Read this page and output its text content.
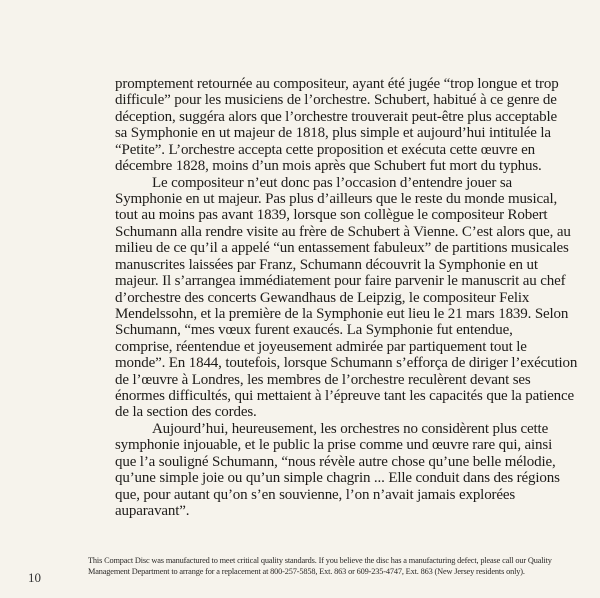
promptement retournée au compositeur, ayant été jugée “trop longue et trop
difficule” pour les musiciens de l’orchestre. Schubert, habitué à ce genre de
déception, suggéra alors que l’orchestre trouverait peut-être plus acceptable
sa Symphonie en ut majeur de 1818, plus simple et aujourd’hui intitulée la
“Petite”. L’orchestre accepta cette proposition et exécuta cette œuvre en
décembre 1828, moins d’un mois après que Schubert fut mort du typhus.
Le compositeur n’eut donc pas l’occasion d’entendre jouer sa
Symphonie en ut majeur. Pas plus d’ailleurs que le reste du monde musical,
tout au moins pas avant 1839, lorsque son collègue le compositeur Robert
Schumann alla rendre visite au frère de Schubert à Vienne. C’est alors que, au
milieu de ce qu’il a appelé “un entassement fabuleux” de partitions musicales
manuscrites laissées par Franz, Schumann découvrit la Symphonie en ut
majeur. Il s’arrangea immédiatement pour faire parvenir le manuscrit au chef
d’orchestre des concerts Gewandhaus de Leipzig, le compositeur Felix
Mendelssohn, et la première de la Symphonie eut lieu le 21 mars 1839. Selon
Schumann, “mes vœux furent exaucés. La Symphonie fut entendue,
comprise, réentendue et joyeusement admirée par partiquement tout le
monde”. En 1844, toutefois, lorsque Schumann s’efforça de diriger l’exécution
de l’œuvre à Londres, les membres de l’orchestre reculèrent devant ses
énormes difficultés, qui mettaient à l’épreuve tant les capacités que la patience
de la section des cordes.
Aujourd’hui, heureusement, les orchestres no considèrent plus cette
symphonie injouable, et le public la prise comme und œuvre rare qui, ainsi
que l’a souligné Schumann, “nous révèle autre chose qu’une belle mélodie,
qu’une simple joie ou qu’un simple chagrin ... Elle conduit dans des régions
que, pour autant qu’on s’en souvienne, l’on n’avait jamais explorées
auparavant”.
10
This Compact Disc was manufactured to meet critical quality standards. If you believe the disc has a manufacturing defect, please call our Quality
Management Department to arrange for a replacement at 800-257-5858, Ext. 863 or 609-235-4747, Ext. 863 (New Jersey residents only).
